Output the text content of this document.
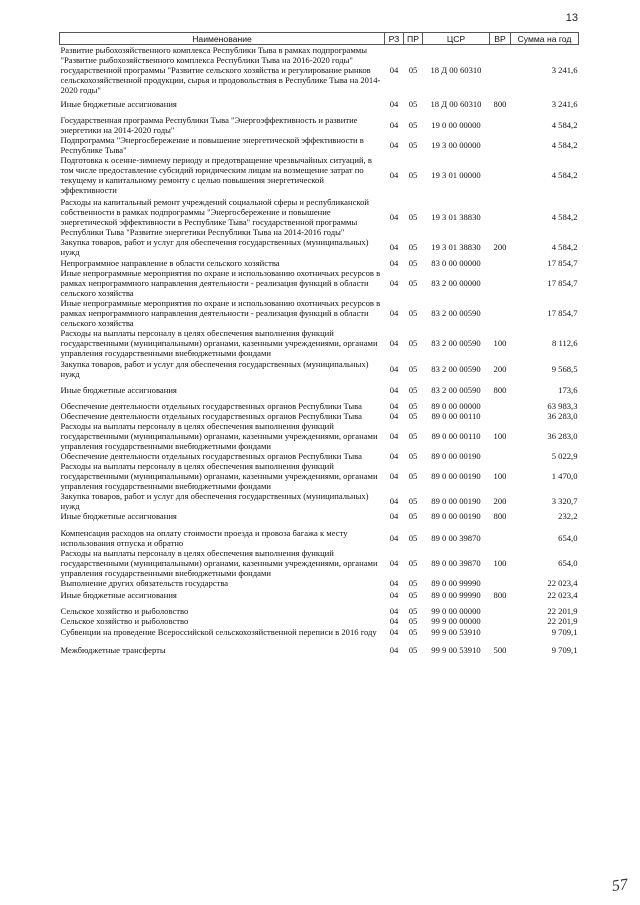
13
Наименование	РЗ	ПР	ЦСР	ВР	Сумма на год
Развитие рыбохозяйственного комплекса Республики Тыва в рамках подпрограммы "Развитие рыбохозяйственного комплекса Республики Тыва на 2016-2020 годы" государственной программы "Развитие сельского хозяйства и регулирование рынков сельскохозяйственной продукции, сырья и продовольствия в Республике Тыва на 2014-2020 годы"	04	05	18 Д 00 60310		3 241,6
Иные бюджетные ассигнования	04	05	18 Д 00 60310	800	3 241,6
Государственная программа Республики Тыва "Энергоэффективность и развитие энергетики на 2014-2020 годы"	04	05	19 0 00 00000		4 584,2
Подпрограмма "Энергосбережение и повышение энергетической эффективности в Республике Тыва"	04	05	19 3 00 00000		4 584,2
Подготовка к осенне-зимнему периоду и предотвращение чрезвычайных ситуаций, в том числе предоставление субсидий юридическим лицам на возмещение затрат по текущему и капитальному ремонту с целью повышения энергетической эффективности	04	05	19 3 01 00000		4 584,2
Расходы на капитальный ремонт учреждений социальной сферы и республиканской собственности в рамках подпрограммы "Энергосбережение и повышение энергетической эффективности в Республике Тыва" государственной программы Республики Тыва "Развитие энергетики Республики Тыва на 2014-2016 годы"	04	05	19 3 01 38830		4 584,2
Закупка товаров, работ и услуг для обеспечения государственных (муниципальных) нужд	04	05	19 3 01 38830	200	4 584,2
Непрограммное направление в области сельского хозяйства	04	05	83 0 00 00000		17 854,7
Иные непрограммные мероприятия по охране и использованию охотничьих ресурсов в рамках непрограммного направления деятельности - реализация функций в области сельского хозяйства	04	05	83 2 00 00000		17 854,7
Иные непрограммные мероприятия по охране и использованию охотничьих ресурсов в рамках непрограммного направления деятельности - реализация функций в области сельского хозяйства	04	05	83 2 00 00590		17 854,7
Расходы на выплаты персоналу в целях обеспечения выполнения функций государственными (муниципальными) органами, казенными учреждениями, органами управления государственными внебюджетными фондами	04	05	83 2 00 00590	100	8 112,6
Закупка товаров, работ и услуг для обеспечения государственных (муниципальных) нужд	04	05	83 2 00 00590	200	9 568,5
Иные бюджетные ассигнования	04	05	83 2 00 00590	800	173,6
Обеспечение деятельности отдельных государственных органов Республики Тыва	04	05	89 0 00 00000		63 983,3
Обеспечение деятельности отдельных государственных органов Республики Тыва	04	05	89 0 00 00110		36 283,0
Расходы на выплаты персоналу в целях обеспечения выполнения функций государственными (муниципальными) органами, казенными учреждениями, органами управления государственными внебюджетными фондами	04	05	89 0 00 00110	100	36 283,0
Обеспечение деятельности отдельных государственных органов Республики Тыва	04	05	89 0 00 00190		5 022,9
Расходы на выплаты персоналу в целях обеспечения выполнения функций государственными (муниципальными) органами, казенными учреждениями, органами управления государственными внебюджетными фондами	04	05	89 0 00 00190	100	1 470,0
Закупка товаров, работ и услуг для обеспечения государственных (муниципальных) нужд	04	05	89 0 00 00190	200	3 320,7
Иные бюджетные ассигнования	04	05	89 0 00 00190	800	232,2
Компенсация расходов на оплату стоимости проезда и провоза багажа к месту использования отпуска и обратно	04	05	89 0 00 39870		654,0
Расходы на выплаты персоналу в целях обеспечения выполнения функций государственными (муниципальными) органами, казенными учреждениями, органами управления государственными внебюджетными фондами	04	05	89 0 00 39870	100	654,0
Выполнение других обязательств государства	04	05	89 0 00 99990		22 023,4
Иные бюджетные ассигнования	04	05	89 0 00 99990	800	22 023,4
Сельское хозяйство и рыболовство	04	05	99 0 00 00000		22 201,9
Сельское хозяйство и рыболовство	04	05	99 9 00 00000		22 201,9
Субвенции на проведение Всероссийской сельскохозяйственной переписи в 2016 году	04	05	99 9 00 53910		9 709,1
Межбюджетные трансферты	04	05	99 9 00 53910	500	9 709,1
57
